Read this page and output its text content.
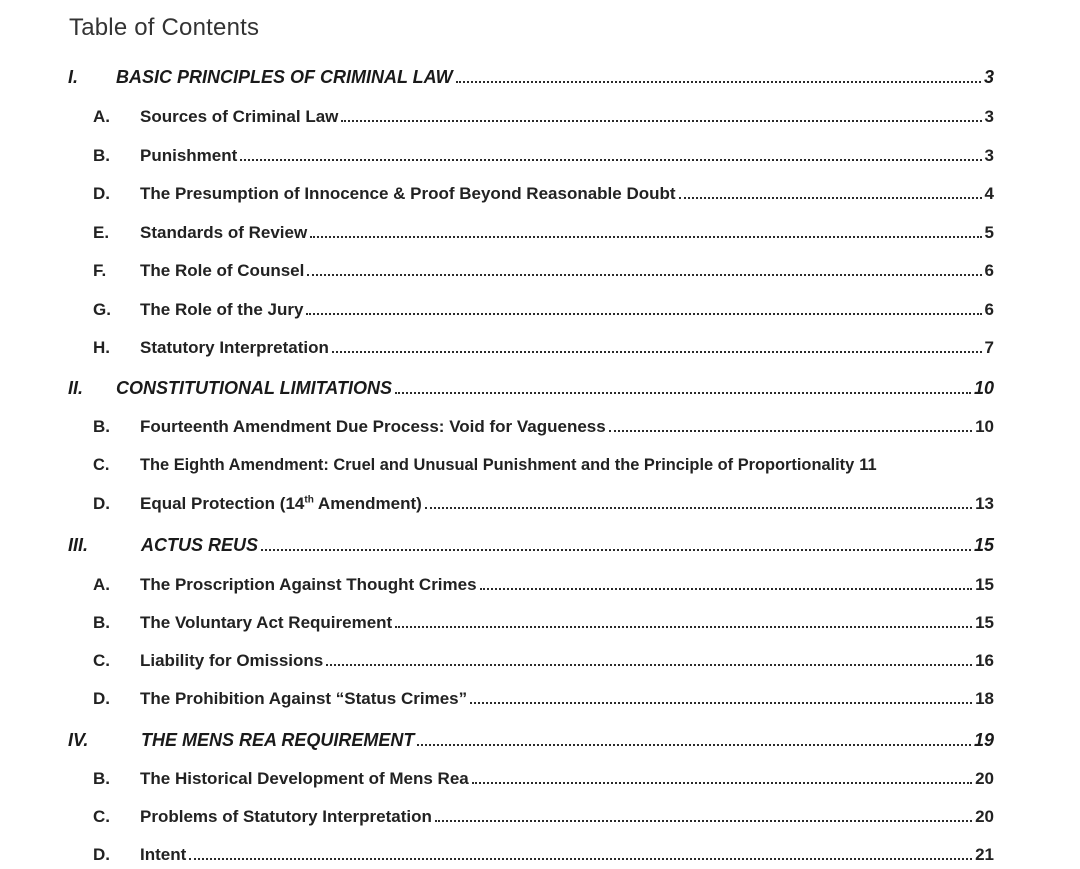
Table of Contents
I.	BASIC PRINCIPLES OF CRIMINAL LAW	3
A.	Sources of Criminal Law	3
B.	Punishment	3
D.	The Presumption of Innocence & Proof Beyond Reasonable Doubt	4
E.	Standards of Review	5
F.	The Role of Counsel	6
G.	The Role of the Jury	6
H.	Statutory Interpretation	7
II.	CONSTITUTIONAL LIMITATIONS	10
B.	Fourteenth Amendment Due Process: Void for Vagueness	10
C.	The Eighth Amendment: Cruel and Unusual Punishment and the Principle of Proportionality 11
D.	Equal Protection (14th Amendment)	13
III.	ACTUS REUS	15
A.	The Proscription Against Thought Crimes	15
B.	The Voluntary Act Requirement	15
C.	Liability for Omissions	16
D.	The Prohibition Against “Status Crimes”	18
IV.	THE MENS REA REQUIREMENT	19
B.	The Historical Development of Mens Rea	20
C.	Problems of Statutory Interpretation	20
D.	Intent	21
